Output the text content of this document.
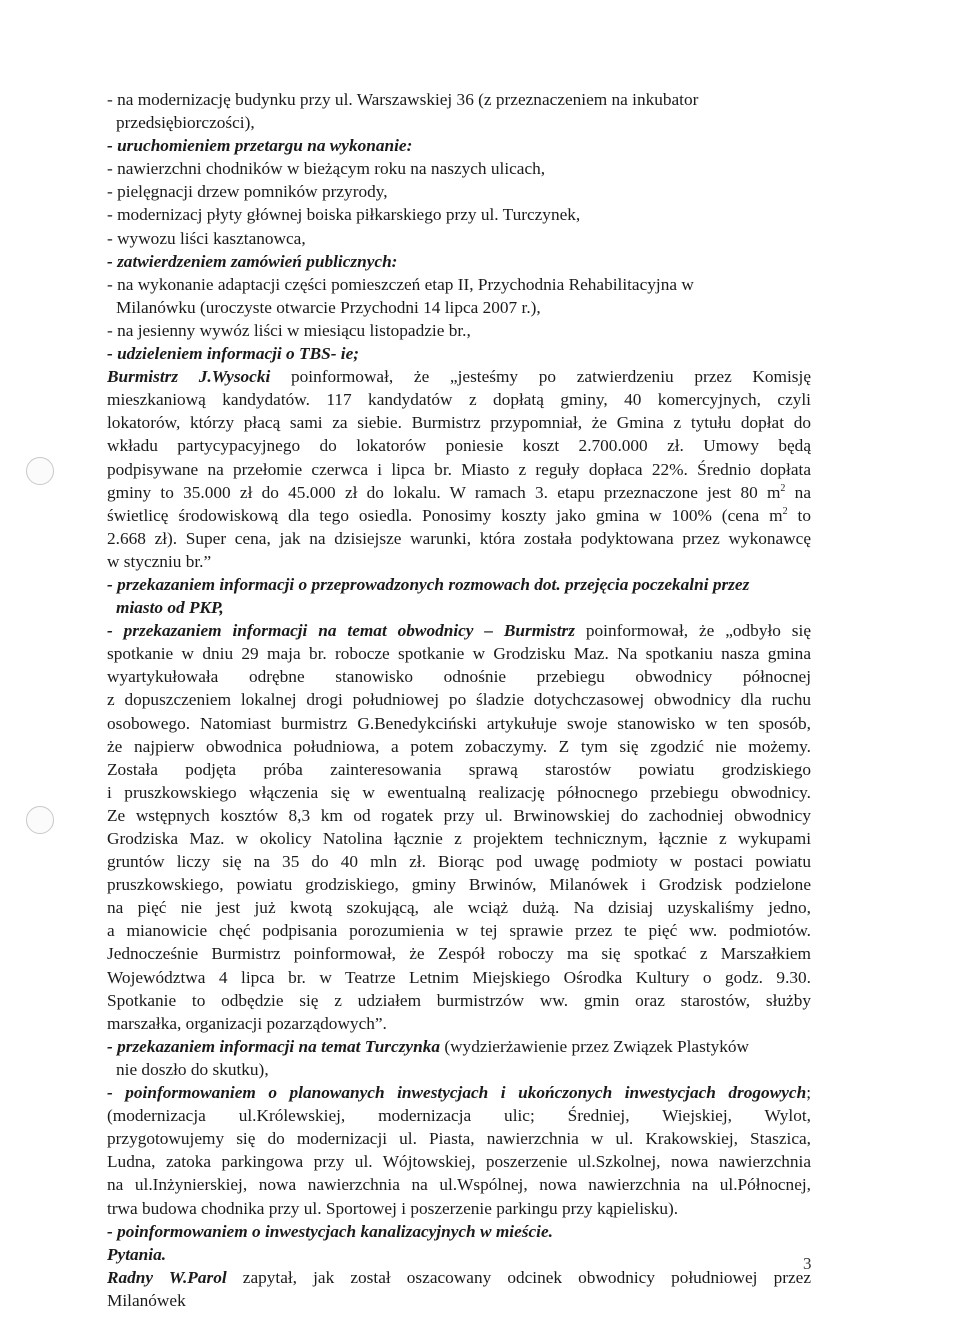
- na modernizację budynku przy ul. Warszawskiej 36 (z przeznaczeniem na inkubator
przedsiębiorczości),
- uruchomieniem przetargu na wykonanie:
- nawierzchni chodników w bieżącym roku na naszych ulicach,
- pielęgnacji drzew pomników przyrody,
- modernizacj płyty głównej boiska piłkarskiego przy ul. Turczynek,
- wywozu liści kasztanowca,
- zatwierdzeniem zamówień publicznych:
- na wykonanie adaptacji części pomieszczeń etap II, Przychodnia Rehabilitacyjna w
Milanówku (uroczyste otwarcie Przychodni 14 lipca 2007 r.),
- na jesienny wywóz liści w miesiącu listopadzie br.,
- udzieleniem informacji o TBS- ie;
Burmistrz J.Wysocki poinformował, że „jesteśmy po zatwierdzeniu przez Komisję
mieszkaniową kandydatów. 117 kandydatów z dopłatą gminy, 40 komercyjnych, czyli
lokatorów, którzy płacą sami za siebie. Burmistrz przypomniał, że Gmina z tytułu dopłat do
wkładu partycypacyjnego do lokatorów poniesie koszt 2.700.000 zł. Umowy będą
podpisywane na przełomie czerwca i lipca br. Miasto z reguły dopłaca 22%. Średnio dopłata
gminy to 35.000 zł do 45.000 zł do lokalu. W ramach 3. etapu przeznaczone jest 80 $m^2$ na
świetlicę środowiskową dla tego osiedla. Ponosimy koszty jako gmina w 100% (cena $m^2$ to
2.668 zł). Super cena, jak na dzisiejsze warunki, która została podyktowana przez wykonawcę
w styczniu br.”
- przekazaniem informacji o przeprowadzonych rozmowach dot. przejęcia poczekalni przez
miasto od PKP,
- przekazaniem informacji na temat obwodnicy – Burmistrz poinformował, że „odbyło się
spotkanie w dniu 29 maja br. robocze spotkanie w Grodzisku Maz. Na spotkaniu nasza gmina
wyartykułowała odrębne stanowisko odnośnie przebiegu obwodnicy północnej
z dopuszczeniem lokalnej drogi południowej po śladzie dotychczasowej obwodnicy dla ruchu
osobowego. Natomiast burmistrz G.Benedykciński artykułuje swoje stanowisko w ten sposób,
że najpierw obwodnica południowa, a potem zobaczymy. Z tym się zgodzić nie możemy.
Została podjęta próba zainteresowania sprawą starostów powiatu grodziskiego
i pruszkowskiego włączenia się w ewentualną realizację północnego przebiegu obwodnicy.
Ze wstępnych kosztów 8,3 km od rogatek przy ul. Brwinowskiej do zachodniej obwodnicy
Grodziska Maz. w okolicy Natolina łącznie z projektem technicznym, łącznie z wykupami
gruntów liczy się na 35 do 40 mln zł. Biorąc pod uwagę podmioty w postaci powiatu
pruszkowskiego, powiatu grodziskiego, gminy Brwinów, Milanówek i Grodzisk podzielone
na pięć nie jest już kwotą szokującą, ale wciąż dużą. Na dzisiaj uzyskaliśmy jedno,
a mianowicie chęć podpisania porozumienia w tej sprawie przez te pięć ww. podmiotów.
Jednocześnie Burmistrz poinformował, że Zespół roboczy ma się spotkać z Marszałkiem
Województwa 4 lipca br. w Teatrze Letnim Miejskiego Ośrodka Kultury o godz. 9.30.
Spotkanie to odbędzie się z udziałem burmistrzów ww. gmin oraz starostów, służby
marszałka, organizacji pozarządowych”.
- przekazaniem informacji na temat Turczynka (wydzierżawienie przez Związek Plastyków
nie doszło do skutku),
- poinformowaniem o planowanych inwestycjach i ukończonych inwestycjach drogowych;
(modernizacja ul.Królewskiej, modernizacja ulic; Średniej, Wiejskiej, Wylot,
przygotowujemy się do modernizacji ul. Piasta, nawierzchnia w ul. Krakowskiej, Staszica,
Ludna, zatoka parkingowa przy ul. Wójtowskiej, poszerzenie ul.Szkolnej, nowa nawierzchnia
na ul.Inżynierskiej, nowa nawierzchnia na ul.Wspólnej, nowa nawierzchnia na ul.Północnej,
trwa budowa chodnika przy ul. Sportowej i poszerzenie parkingu przy kąpielisku).
- poinformowaniem o inwestycjach kanalizacyjnych w mieście.
Pytania.
Radny W.Parol zapytał, jak został oszacowany odcinek obwodnicy południowej przez
Milanówek
3
